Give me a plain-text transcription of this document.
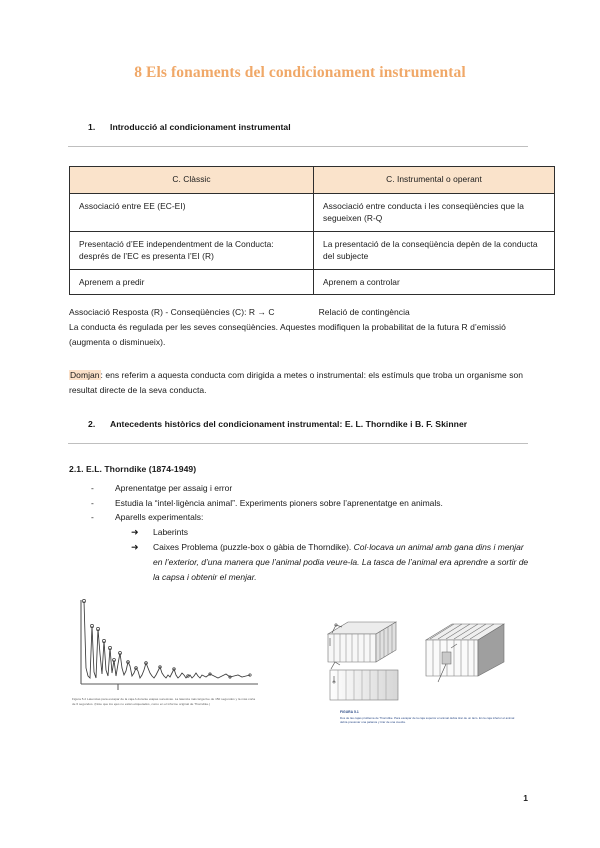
8 Els fonaments del condicionament instrumental
1. Introducció al condicionament instrumental
C. Clàssic	C. Instrumental o operant
Associació entre EE (EC-EI)	Associació entre conducta i les conseqüències que la segueixen (R-Q
Presentació d’EE independentment de la Conducta: després de l’EC es presenta l’EI (R)	La presentació de la conseqüència depèn de la conducta del subjecte
Aprenem a predir	Aprenem a controlar
Associació Resposta (R) - Conseqüències (C): R → C	Relació de contingència
La conducta és regulada per les seves conseqüències. Aquestes modifiquen la probabilitat de la futura R d’emissió (augmenta o disminueix).
Domjan: ens referim a aquesta conducta com dirigida a metes o instrumental: els estímuls que troba un organisme son resultat directe de la seva conducta.
2. Antecedents històrics del condicionament instrumental: E. L. Thorndike i B. F. Skinner
2.1. E.L. Thorndike (1874-1949)
-	Aprenentatge per assaig i error
-	Estudia la “intel·ligència animal”. Experiments pioners sobre l’aprenentatge en animals.
-	Aparells experimentals:
➜	Laberints
➜	Caixes Problema (puzzle-box o gàbia de Thorndike). Col·locava un animal amb gana dins i menjar en l’exterior, d’una manera que l’animal podia veure-la. La tasca de l’animal era aprendre a sortir de la capsa i obtenir el menjar.
Figura 5.2 Latencias para escapar de la caja A durante etapas sucesivas. La latencia más larga fue de 150 segundos y la más corta de 6 segundos. (Note que los ejes no están etiquetados, como en el informe original de Thorndike.)
FIGURA 5.1
Dos de las cajas problema de Thorndike. Para escapar de la caja superior el animal debía tirar de un lazo. En la caja inferior el animal debía presionar una palanca y tirar de una cuerda.
1
